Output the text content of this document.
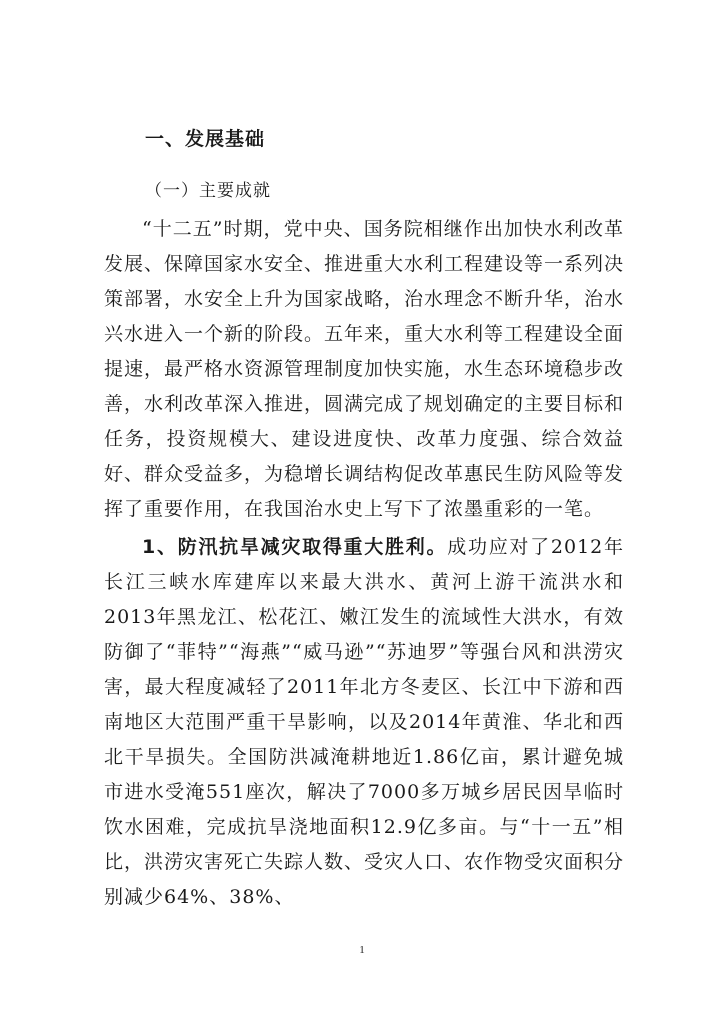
一、发展基础
（一）主要成就

“十二五”时期，党中央、国务院相继作出加快水利改革发展、保障国家水安全、推进重大水利工程建设等一系列决策部署，水安全上升为国家战略，治水理念不断升华，治水兴水进入一个新的阶段。五年来，重大水利等工程建设全面提速，最严格水资源管理制度加快实施，水生态环境稳步改善，水利改革深入推进，圆满完成了规划确定的主要目标和任务，投资规模大、建设进度快、改革力度强、综合效益好、群众受益多，为稳增长调结构促改革惠民生防风险等发挥了重要作用，在我国治水史上写下了浓墨重彩的一笔。

1、防汛抗旱减灾取得重大胜利。成功应对了2012年长江三峡水库建库以来最大洪水、黄河上游干流洪水和2013年黑龙江、松花江、嫩江发生的流域性大洪水，有效防御了“菲特”“海燕”“威马逊”“苏迪罗”等强台风和洪涝灾害，最大程度减轻了2011年北方冬麦区、长江中下游和西南地区大范围严重干旱影响，以及2014年黄淮、华北和西北干旱损失。全国防洪减淹耕地近1.86亿亩，累计避免城市进水受淹551座次，解决了7000多万城乡居民因旱临时饮水困难，完成抗旱浇地面积12.9亿多亩。与“十一五”相比，洪涝灾害死亡失踪人数、受灾人口、农作物受灾面积分别减少64%、38%、

1
